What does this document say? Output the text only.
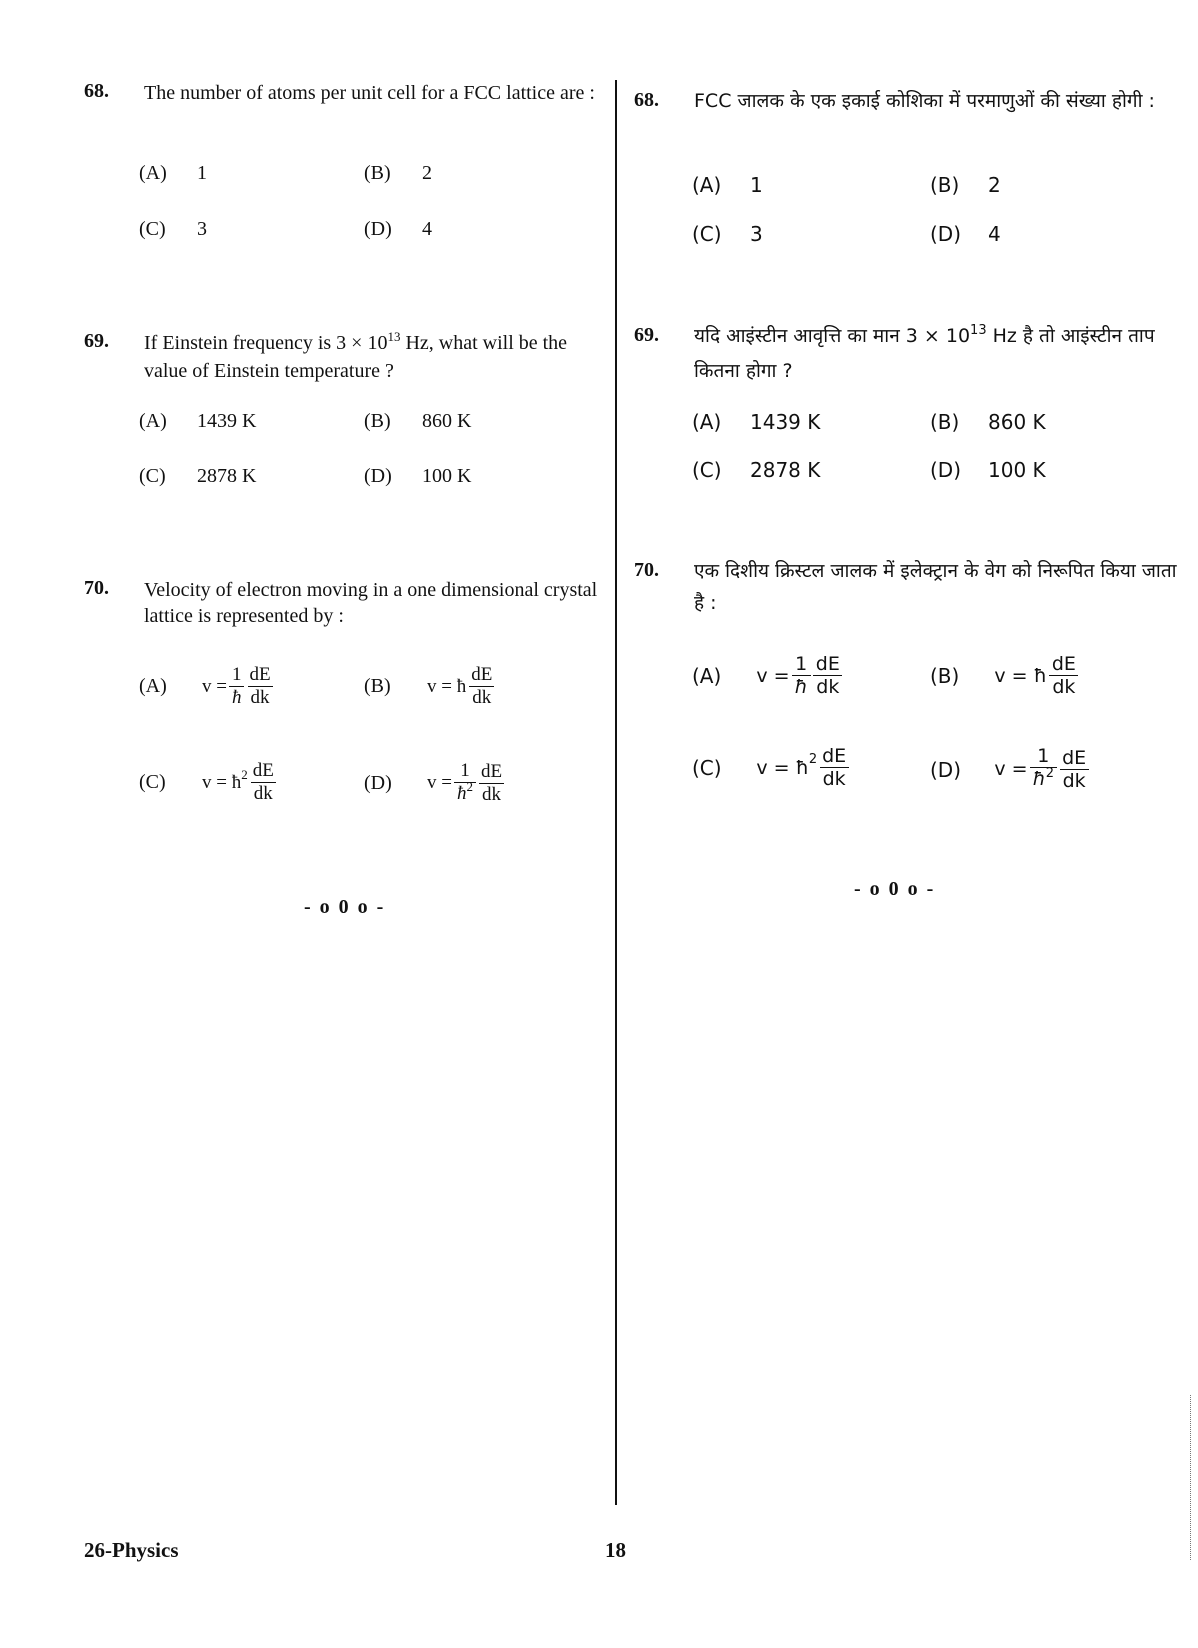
68. The number of atoms per unit cell for a FCC lattice are :
(A) 1	(B) 2
(C) 3	(D) 4
69. If Einstein frequency is $3 \times 10^{13}$ Hz, what will be the value of Einstein temperature ?
(A) 1439 K	(B) 860 K
(C) 2878 K	(D) 100 K
70. Velocity of electron moving in a one dimensional crystal lattice is represented by :
(A) $v = \frac{1}{ħ} \frac{dE}{dk}$	(B) v = ħ $\frac{dE}{dk}$
(C) v = ħ $2 \frac{dE}{dk}$	(D) $v = \frac{1}{ħ^2} \frac{dE}{dk}$
- o 0 o -
68. FCC जालक के एक इकाई कोशिका में परमाणुओं की संख्या होगी :
(A) 1	(B) 2
(C) 3	(D) 4
69. यदि आइंस्टीन आवृत्ति का मान $3 \times 10^{13}$ Hz है तो आइंस्टीन ताप कितना होगा ?
(A) 1439 K	(B) 860 K
(C) 2878 K	(D) 100 K
70. एक दिशीय क्रिस्टल जालक में इलेक्ट्रान के वेग को निरूपित किया जाता है :
(A) $v = \frac{1}{ħ} \frac{dE}{dk}$	(B) v = ħ $\frac{dE}{dk}$
(C) v = ħ $2 \frac{dE}{dk}$	(D) $v = \frac{1}{ħ^2} \frac{dE}{dk}$
- o 0 o -
26-Physics	18
